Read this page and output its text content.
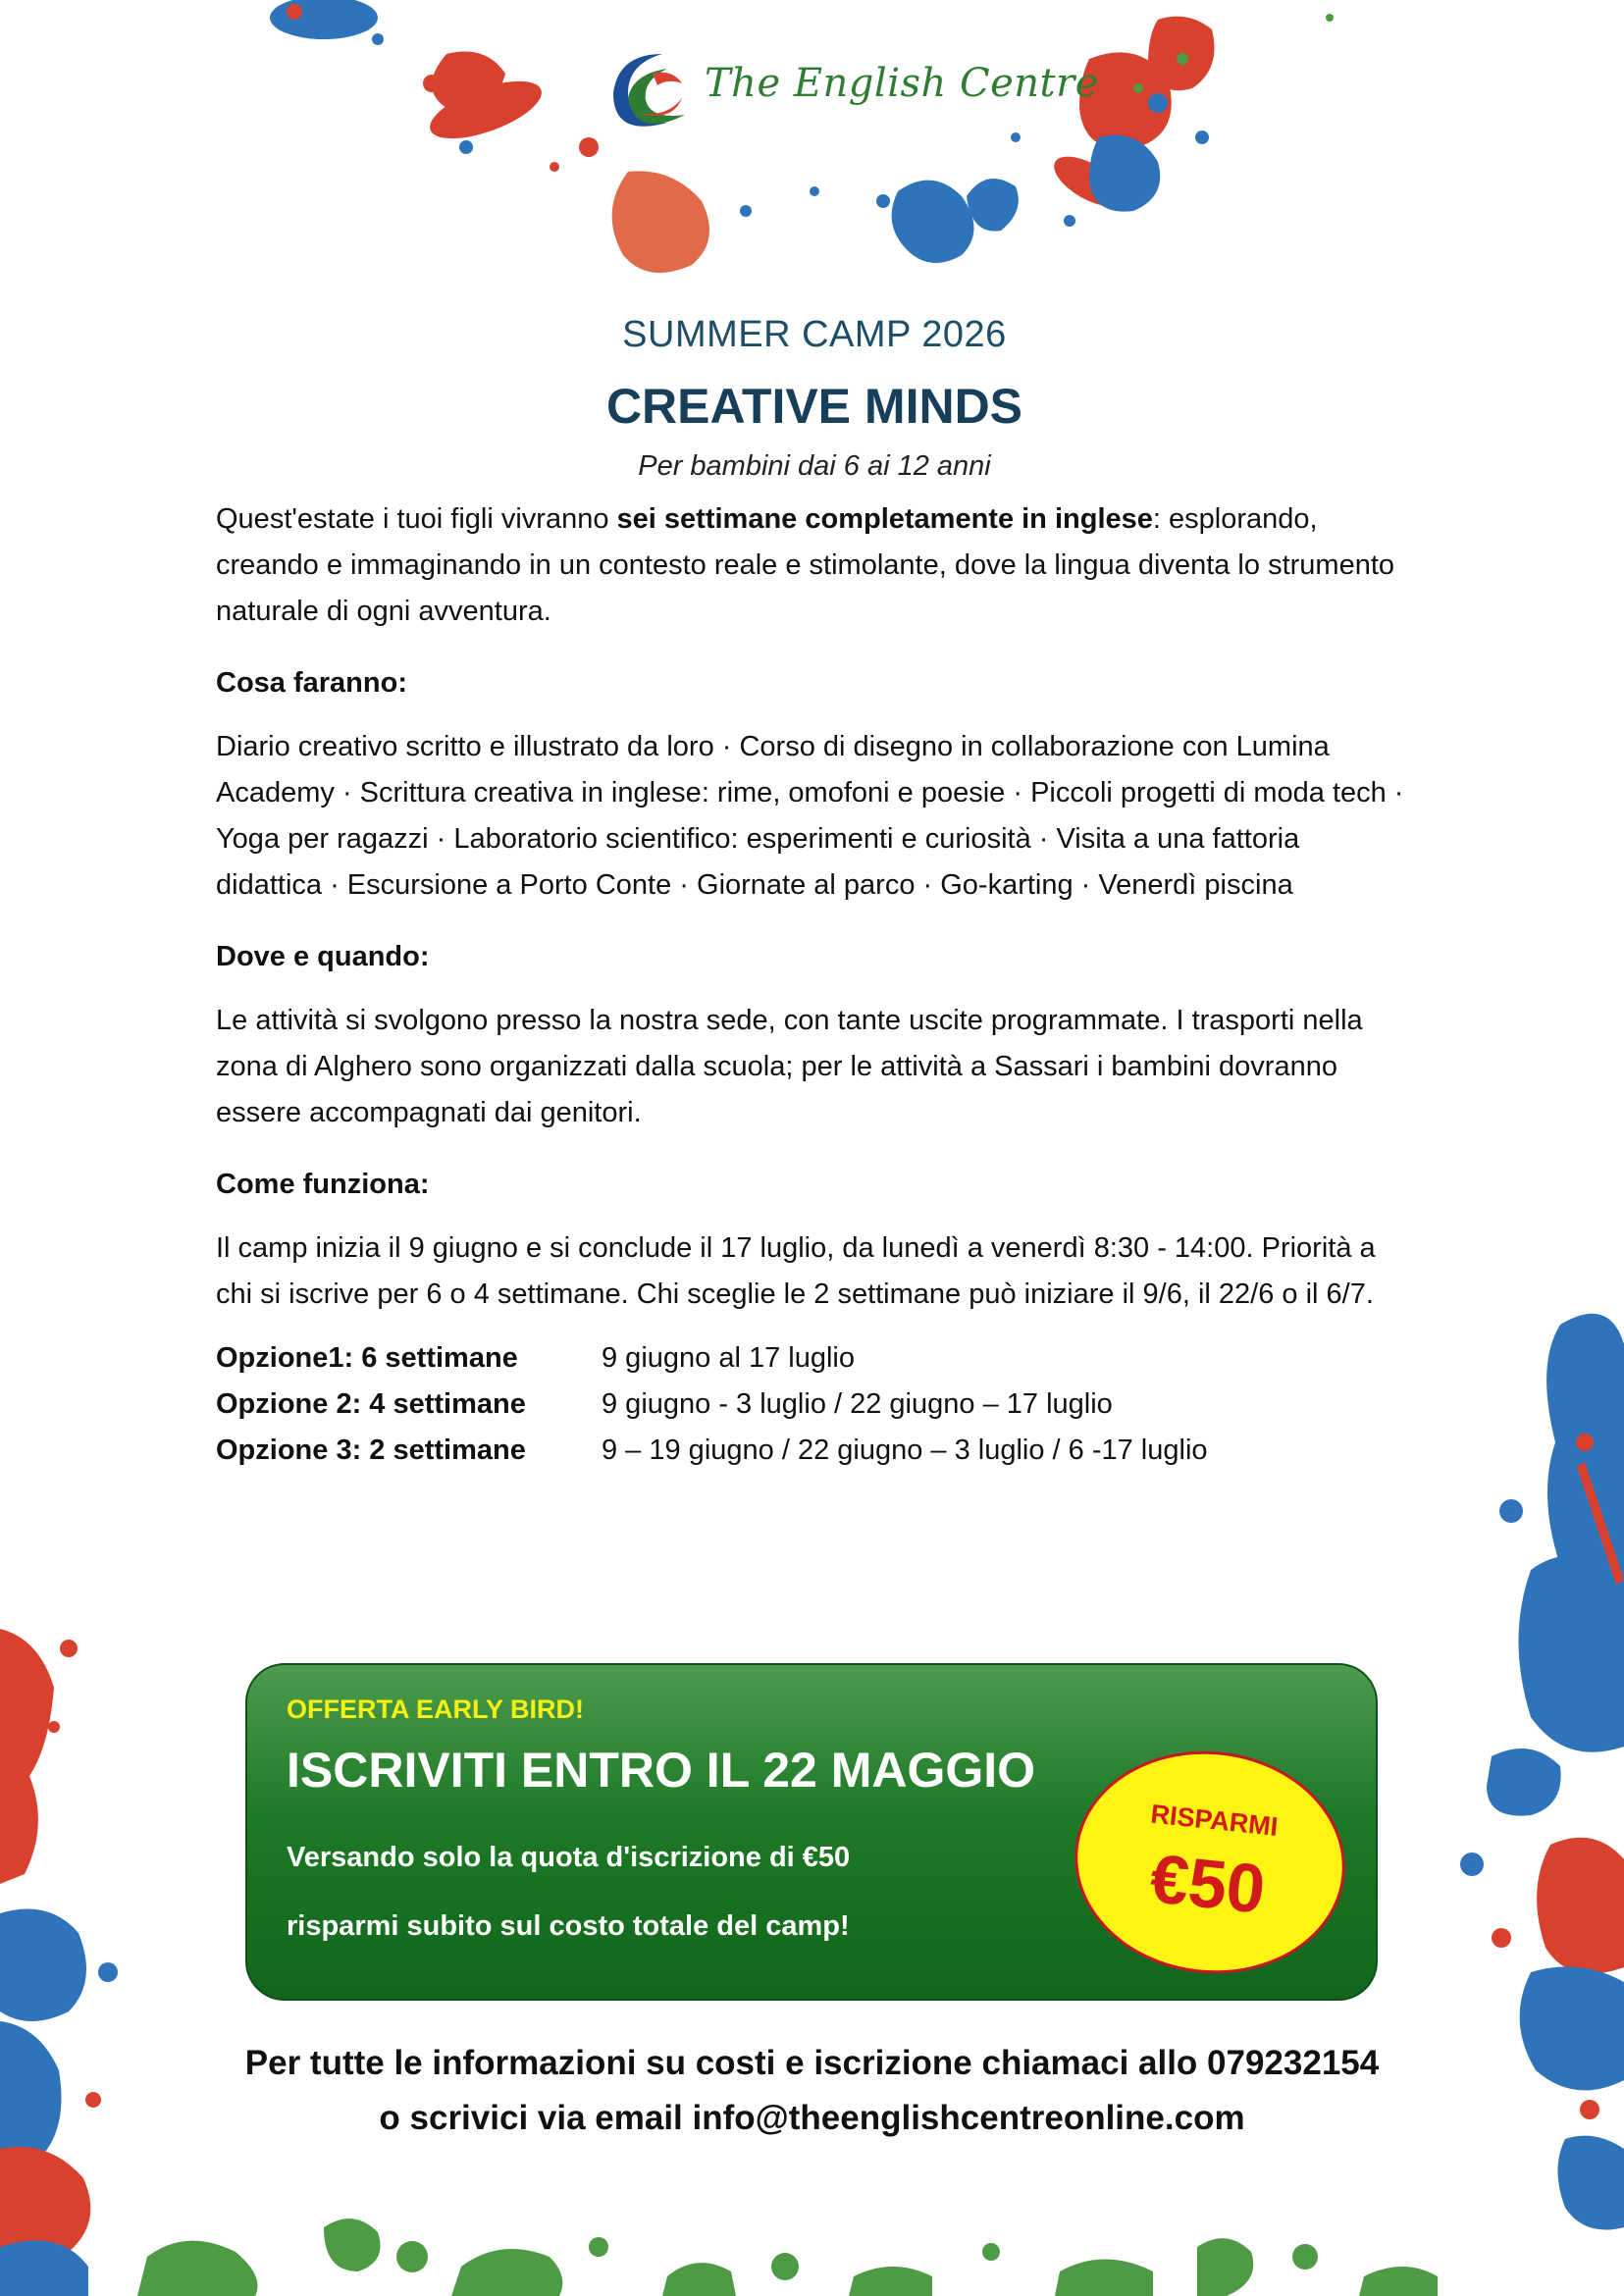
The English Centre
SUMMER CAMP 2026
CREATIVE MINDS
Per bambini dai 6 ai 12 anni

Quest'estate i tuoi figli vivranno sei settimane completamente in inglese: esplorando, creando e immaginando in un contesto reale e stimolante, dove la lingua diventa lo strumento naturale di ogni avventura.

Cosa faranno:

Diario creativo scritto e illustrato da loro · Corso di disegno in collaborazione con Lumina Academy · Scrittura creativa in inglese: rime, omofoni e poesie · Piccoli progetti di moda tech · Yoga per ragazzi · Laboratorio scientifico: esperimenti e curiosità · Visita a una fattoria didattica · Escursione a Porto Conte · Giornate al parco · Go-karting · Venerdì piscina

Dove e quando:

Le attività si svolgono presso la nostra sede, con tante uscite programmate. I trasporti nella zona di Alghero sono organizzati dalla scuola; per le attività a Sassari i bambini dovranno essere accompagnati dai genitori.

Come funziona:

Il camp inizia il 9 giugno e si conclude il 17 luglio, da lunedì a venerdì 8:30 - 14:00. Priorità a chi si iscrive per 6 o 4 settimane. Chi sceglie le 2 settimane può iniziare il 9/6, il 22/6 o il 6/7.

Opzione1: 6 settimane	9 giugno al 17 luglio
Opzione 2: 4 settimane	9 giugno - 3 luglio / 22 giugno – 17 luglio
Opzione 3: 2 settimane	9 – 19 giugno / 22 giugno – 3 luglio / 6 -17 luglio
OFFERTA EARLY BIRD!
ISCRIVITI ENTRO IL 22 MAGGIO
Versando solo la quota d'iscrizione di €50
risparmi subito sul costo totale del camp!
RISPARMI
€50
Per tutte le informazioni su costi e iscrizione chiamaci allo 079232154
o scrivici via email info@theenglishcentreonline.com
